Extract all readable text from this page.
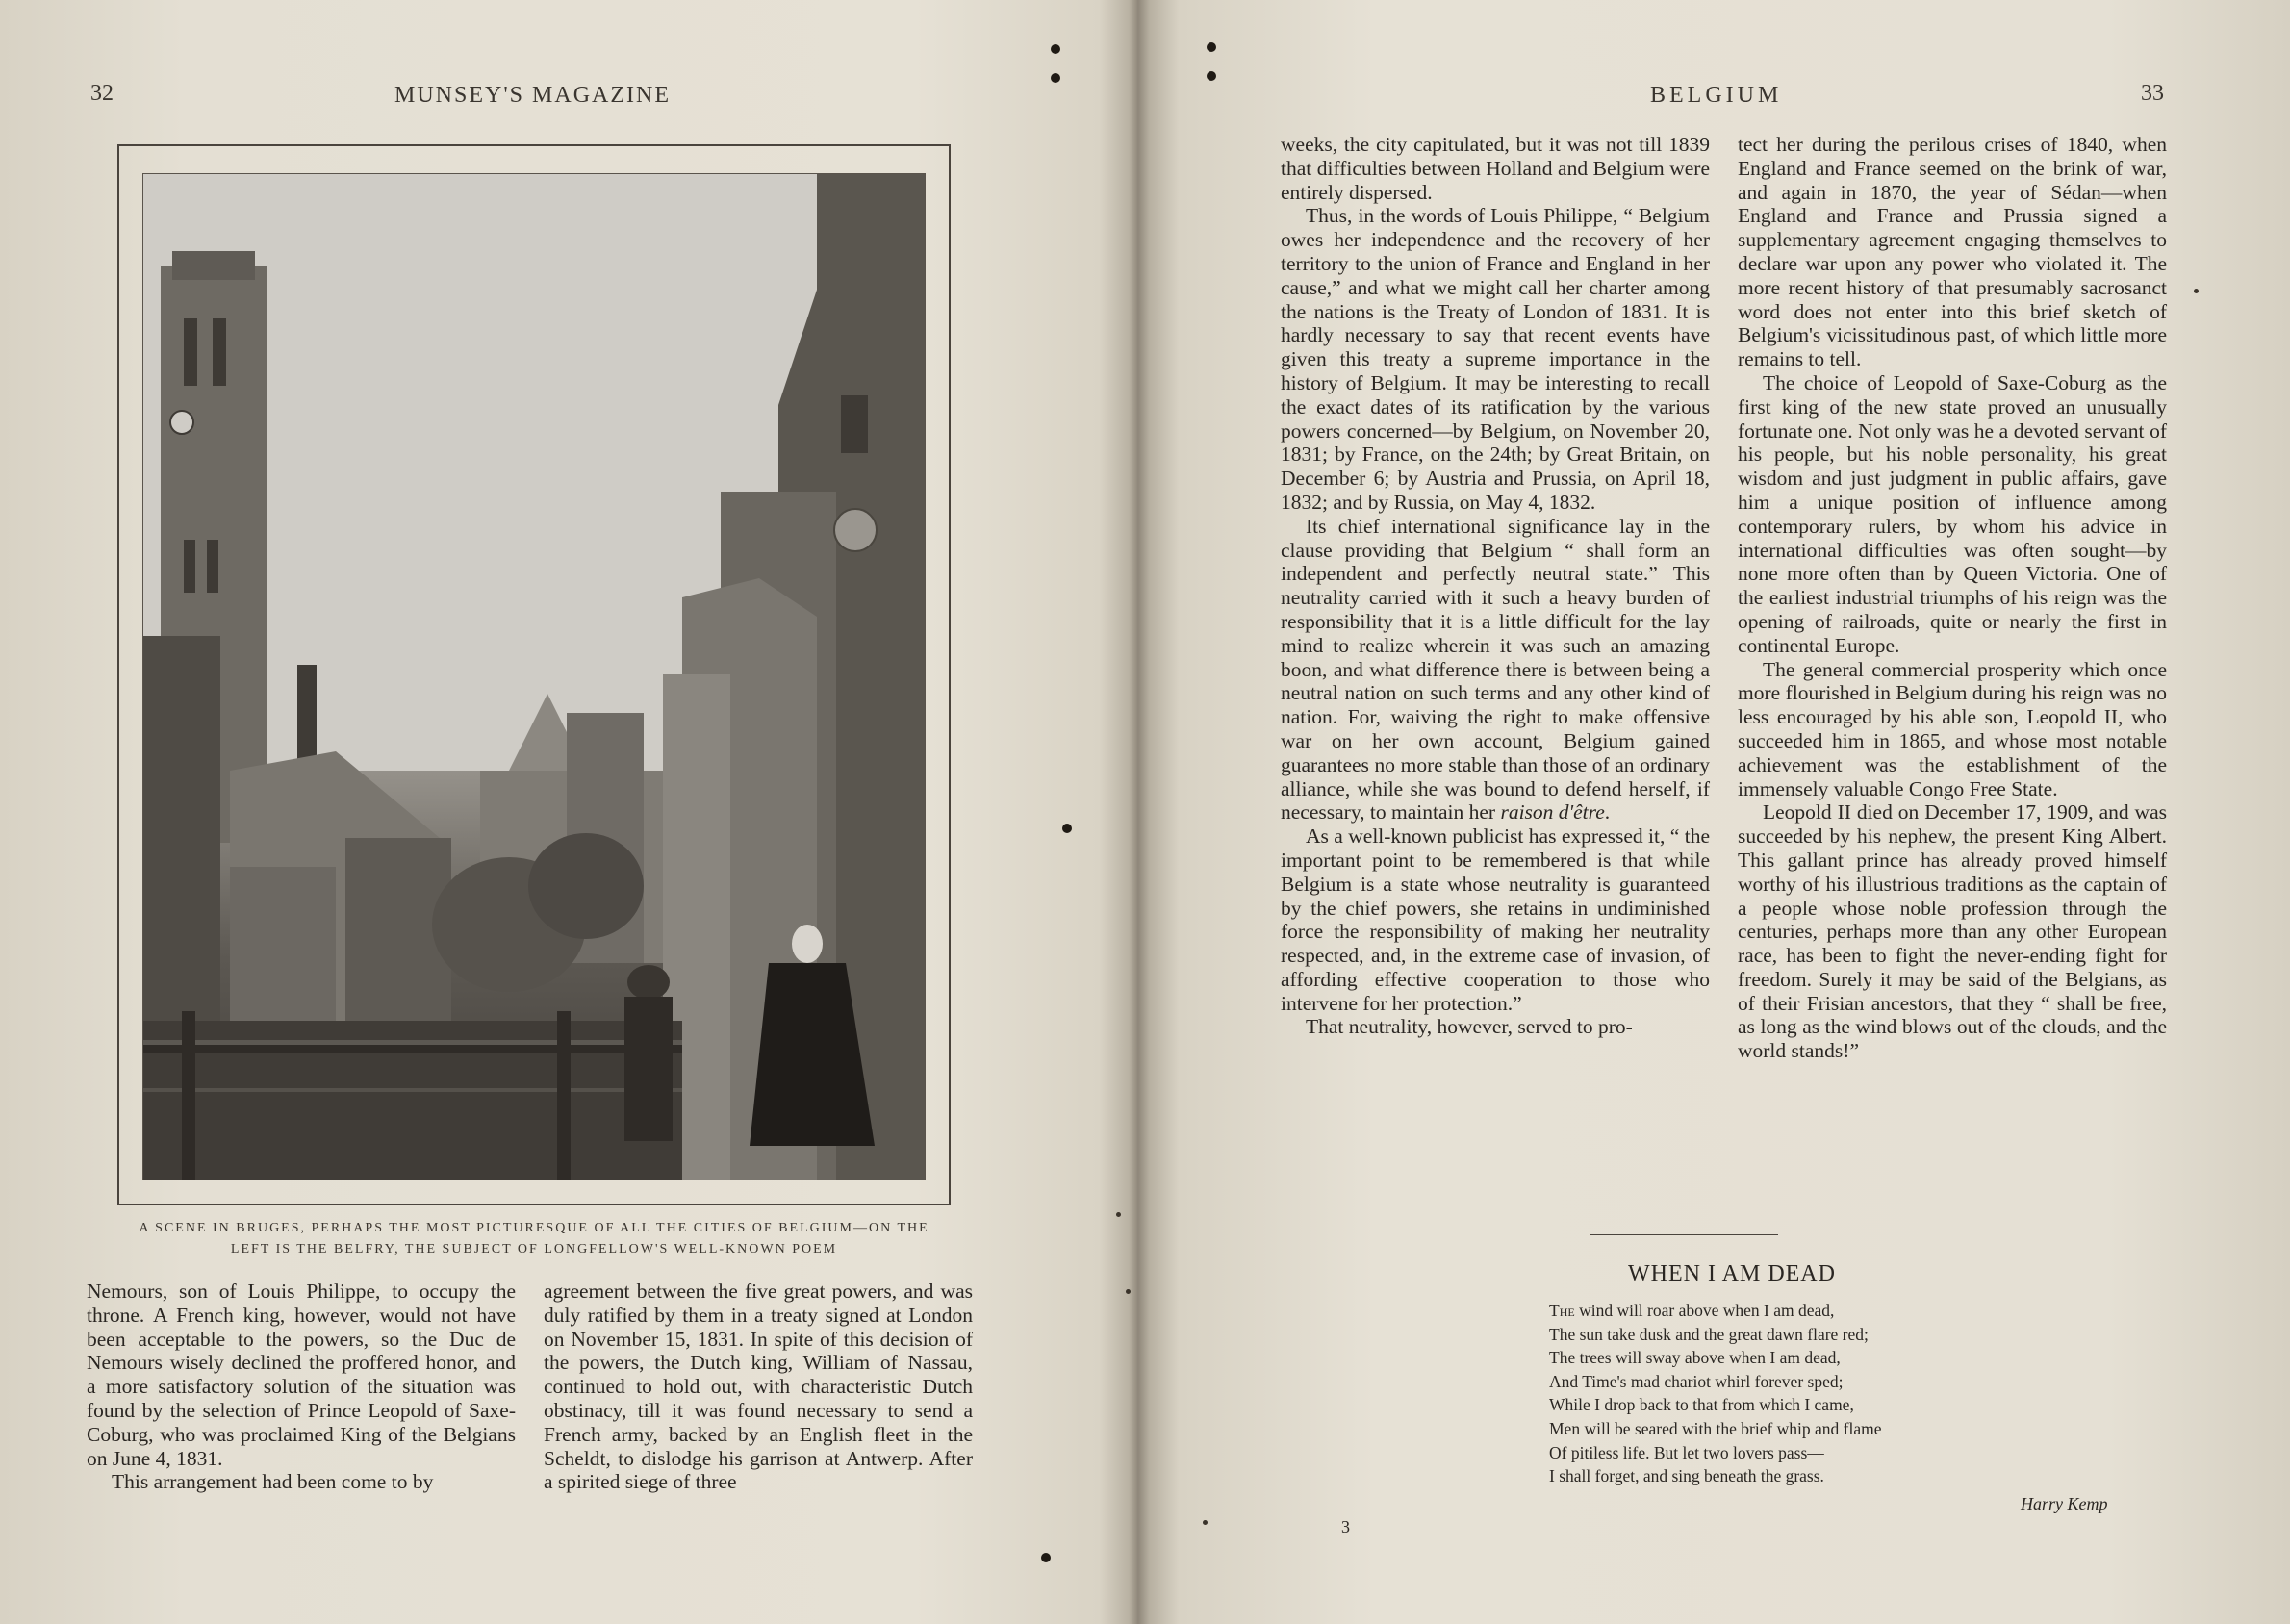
32	MUNSEY'S MAGAZINE
A SCENE IN BRUGES, PERHAPS THE MOST PICTURESQUE OF ALL THE CITIES OF BELGIUM—ON THE
LEFT IS THE BELFRY, THE SUBJECT OF LONGFELLOW'S WELL-KNOWN POEM

Nemours, son of Louis Philippe, to occupy the throne. A French king, however, would not have been acceptable to the powers, so the Duc de Nemours wisely declined the proffered honor, and a more satisfactory solution of the situation was found by the selection of Prince Leopold of Saxe-Coburg, who was proclaimed King of the Belgians on June 4, 1831.

This arrangement had been come to by

agreement between the five great powers, and was duly ratified by them in a treaty signed at London on November 15, 1831. In spite of this decision of the powers, the Dutch king, William of Nassau, continued to hold out, with characteristic Dutch obstinacy, till it was found necessary to send a French army, backed by an English fleet in the Scheldt, to dislodge his garrison at Antwerp. After a spirited siege of three

BELGIUM	33

weeks, the city capitulated, but it was not till 1839 that difficulties between Holland and Belgium were entirely dispersed.

Thus, in the words of Louis Philippe, “ Belgium owes her independence and the recovery of her territory to the union of France and England in her cause,” and what we might call her charter among the nations is the Treaty of London of 1831. It is hardly necessary to say that recent events have given this treaty a supreme importance in the history of Belgium. It may be interesting to recall the exact dates of its ratification by the various powers concerned—by Belgium, on November 20, 1831; by France, on the 24th; by Great Britain, on December 6; by Austria and Prussia, on April 18, 1832; and by Russia, on May 4, 1832.

Its chief international significance lay in the clause providing that Belgium “ shall form an independent and perfectly neutral state.” This neutrality carried with it such a heavy burden of responsibility that it is a little difficult for the lay mind to realize wherein it was such an amazing boon, and what difference there is between being a neutral nation on such terms and any other kind of nation. For, waiving the right to make offensive war on her own account, Belgium gained guarantees no more stable than those of an ordinary alliance, while she was bound to defend herself, if necessary, to maintain her raison d'être.

As a well-known publicist has expressed it, “ the important point to be remembered is that while Belgium is a state whose neutrality is guaranteed by the chief powers, she retains in undiminished force the responsibility of making her neutrality respected, and, in the extreme case of invasion, of affording effective cooperation to those who intervene for her protection.”

That neutrality, however, served to pro-

tect her during the perilous crises of 1840, when England and France seemed on the brink of war, and again in 1870, the year of Sédan—when England and France and Prussia signed a supplementary agreement engaging themselves to declare war upon any power who violated it. The more recent history of that presumably sacrosanct word does not enter into this brief sketch of Belgium's vicissitudinous past, of which little more remains to tell.

The choice of Leopold of Saxe-Coburg as the first king of the new state proved an unusually fortunate one. Not only was he a devoted servant of his people, but his noble personality, his great wisdom and just judgment in public affairs, gave him a unique position of influence among contemporary rulers, by whom his advice in international difficulties was often sought—by none more often than by Queen Victoria. One of the earliest industrial triumphs of his reign was the opening of railroads, quite or nearly the first in continental Europe.

The general commercial prosperity which once more flourished in Belgium during his reign was no less encouraged by his able son, Leopold II, who succeeded him in 1865, and whose most notable achievement was the establishment of the immensely valuable Congo Free State.

Leopold II died on December 17, 1909, and was succeeded by his nephew, the present King Albert. This gallant prince has already proved himself worthy of his illustrious traditions as the captain of a people whose noble profession through the centuries, perhaps more than any other European race, has been to fight the never-ending fight for freedom. Surely it may be said of the Belgians, as of their Frisian ancestors, that they “ shall be free, as long as the wind blows out of the clouds, and the world stands!”

WHEN I AM DEAD
The wind will roar above when I am dead,
The sun take dusk and the great dawn flare red;
The trees will sway above when I am dead,
And Time's mad chariot whirl forever sped;
While I drop back to that from which I came,
Men will be seared with the brief whip and flame
Of pitiless life. But let two lovers pass—
I shall forget, and sing beneath the grass.
Harry Kemp
3
